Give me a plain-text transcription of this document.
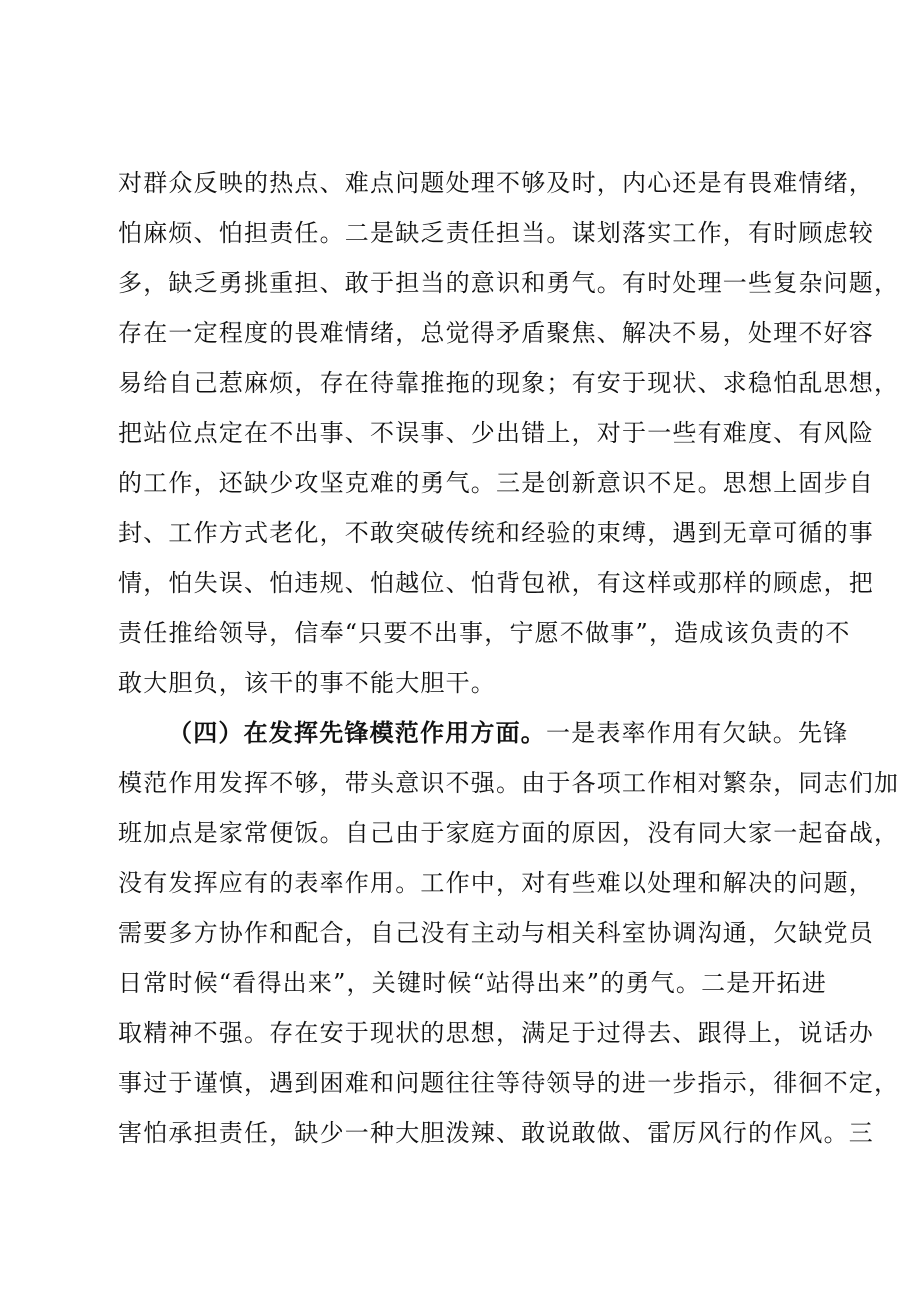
对群众反映的热点、难点问题处理不够及时，内心还是有畏难情绪，
怕麻烦、怕担责任。二是缺乏责任担当。谋划落实工作，有时顾虑较
多，缺乏勇挑重担、敢于担当的意识和勇气。有时处理一些复杂问题，
存在一定程度的畏难情绪，总觉得矛盾聚焦、解决不易，处理不好容
易给自己惹麻烦，存在待靠推拖的现象；有安于现状、求稳怕乱思想，
把站位点定在不出事、不误事、少出错上，对于一些有难度、有风险
的工作，还缺少攻坚克难的勇气。三是创新意识不足。思想上固步自
封、工作方式老化，不敢突破传统和经验的束缚，遇到无章可循的事
情，怕失误、怕违规、怕越位、怕背包袱，有这样或那样的顾虑，把
责任推给领导，信奉“只要不出事，宁愿不做事”，造成该负责的不
敢大胆负，该干的事不能大胆干。
（四）在发挥先锋模范作用方面。一是表率作用有欠缺。先锋
模范作用发挥不够，带头意识不强。由于各项工作相对繁杂，同志们加
班加点是家常便饭。自己由于家庭方面的原因，没有同大家一起奋战，
没有发挥应有的表率作用。工作中，对有些难以处理和解决的问题，
需要多方协作和配合，自己没有主动与相关科室协调沟通，欠缺党员
日常时候“看得出来”，关键时候“站得出来”的勇气。二是开拓进
取精神不强。存在安于现状的思想，满足于过得去、跟得上，说话办
事过于谨慎，遇到困难和问题往往等待领导的进一步指示，徘徊不定，
害怕承担责任，缺少一种大胆泼辣、敢说敢做、雷厉风行的作风。三
